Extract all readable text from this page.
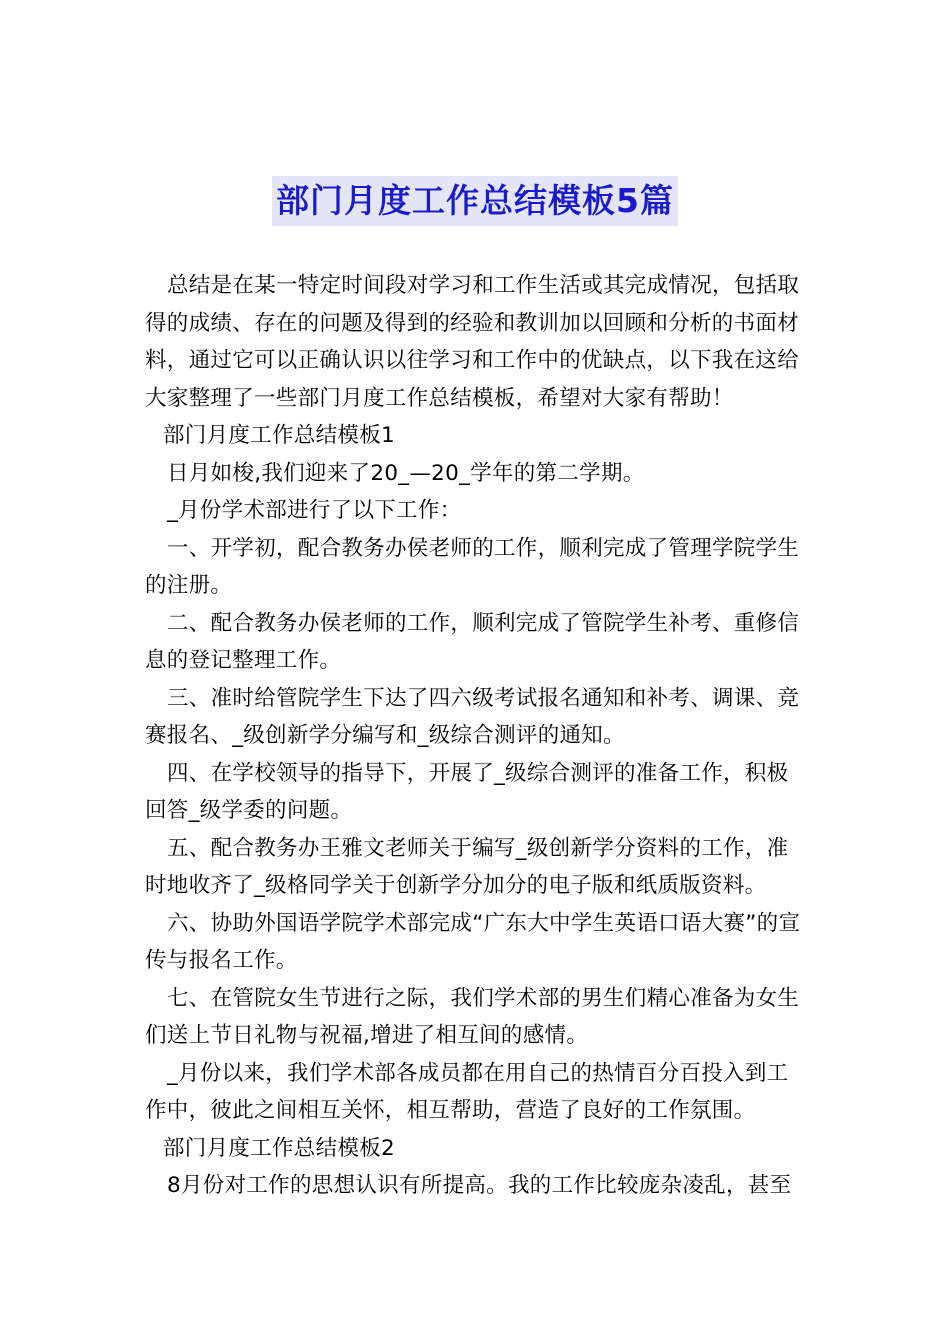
部门月度工作总结模板5篇

总结是在某一特定时间段对学习和工作生活或其完成情况，包括取得的成绩、存在的问题及得到的经验和教训加以回顾和分析的书面材料，通过它可以正确认识以往学习和工作中的优缺点，以下我在这给大家整理了一些部门月度工作总结模板，希望对大家有帮助！

部门月度工作总结模板1

日月如梭,我们迎来了20_—20_学年的第二学期。

_月份学术部进行了以下工作：

一、开学初，配合教务办侯老师的工作，顺利完成了管理学院学生的注册。

二、配合教务办侯老师的工作，顺利完成了管院学生补考、重修信息的登记整理工作。

三、准时给管院学生下达了四六级考试报名通知和补考、调课、竞赛报名、_级创新学分编写和_级综合测评的通知。

四、在学校领导的指导下，开展了_级综合测评的准备工作，积极回答_级学委的问题。

五、配合教务办王雅文老师关于编写_级创新学分资料的工作，准时地收齐了_级格同学关于创新学分加分的电子版和纸质版资料。

六、协助外国语学院学术部完成“广东大中学生英语口语大赛”的宣传与报名工作。

七、在管院女生节进行之际，我们学术部的男生们精心准备为女生们送上节日礼物与祝福,增进了相互间的感情。

_月份以来，我们学术部各成员都在用自己的热情百分百投入到工作中，彼此之间相互关怀，相互帮助，营造了良好的工作氛围。

部门月度工作总结模板2

8月份对工作的思想认识有所提高。我的工作比较庞杂凌乱，甚至
